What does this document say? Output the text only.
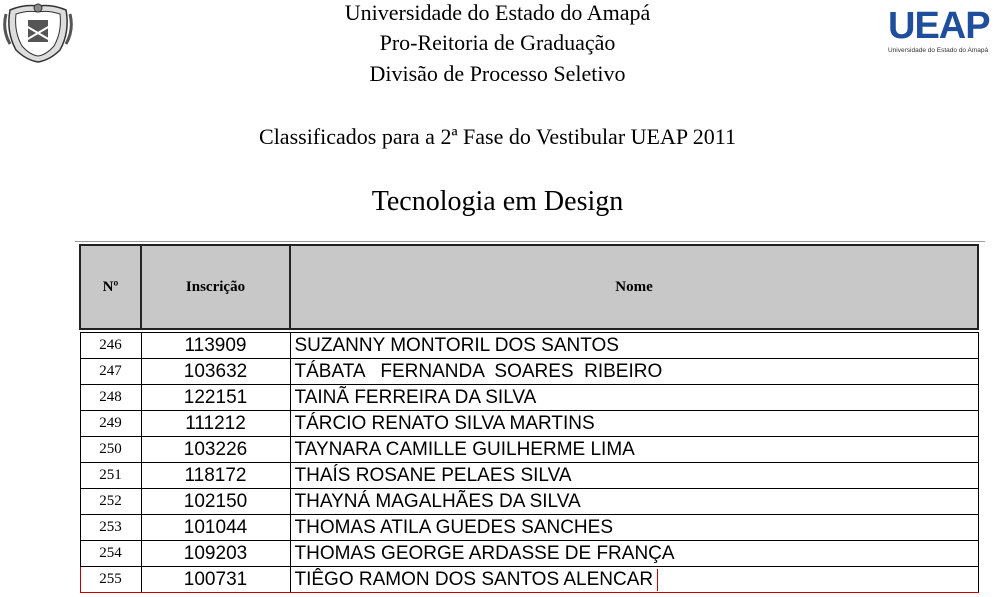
Universidade do Estado do Amapá
Pro-Reitoria de Graduação
Divisão de Processo Seletivo
UEAP
Universidade do Estado do Amapá
Classificados para a 2ª Fase do Vestibular UEAP 2011
Tecnologia em Design
Nº	Inscrição	Nome

246	113909	SUZANNY MONTORIL DOS SANTOS
247	103632	TÁBATA   FERNANDA  SOARES  RIBEIRO
248	122151	TAINÃ FERREIRA DA SILVA
249	111212	TÁRCIO RENATO SILVA MARTINS
250	103226	TAYNARA CAMILLE GUILHERME LIMA
251	118172	THAÍS ROSANE PELAES SILVA
252	102150	THAYNÁ MAGALHÃES DA SILVA
253	101044	THOMAS ATILA GUEDES SANCHES
254	109203	THOMAS GEORGE ARDASSE DE FRANÇA
255	100731	TIÊGO RAMON DOS SANTOS ALENCAR
